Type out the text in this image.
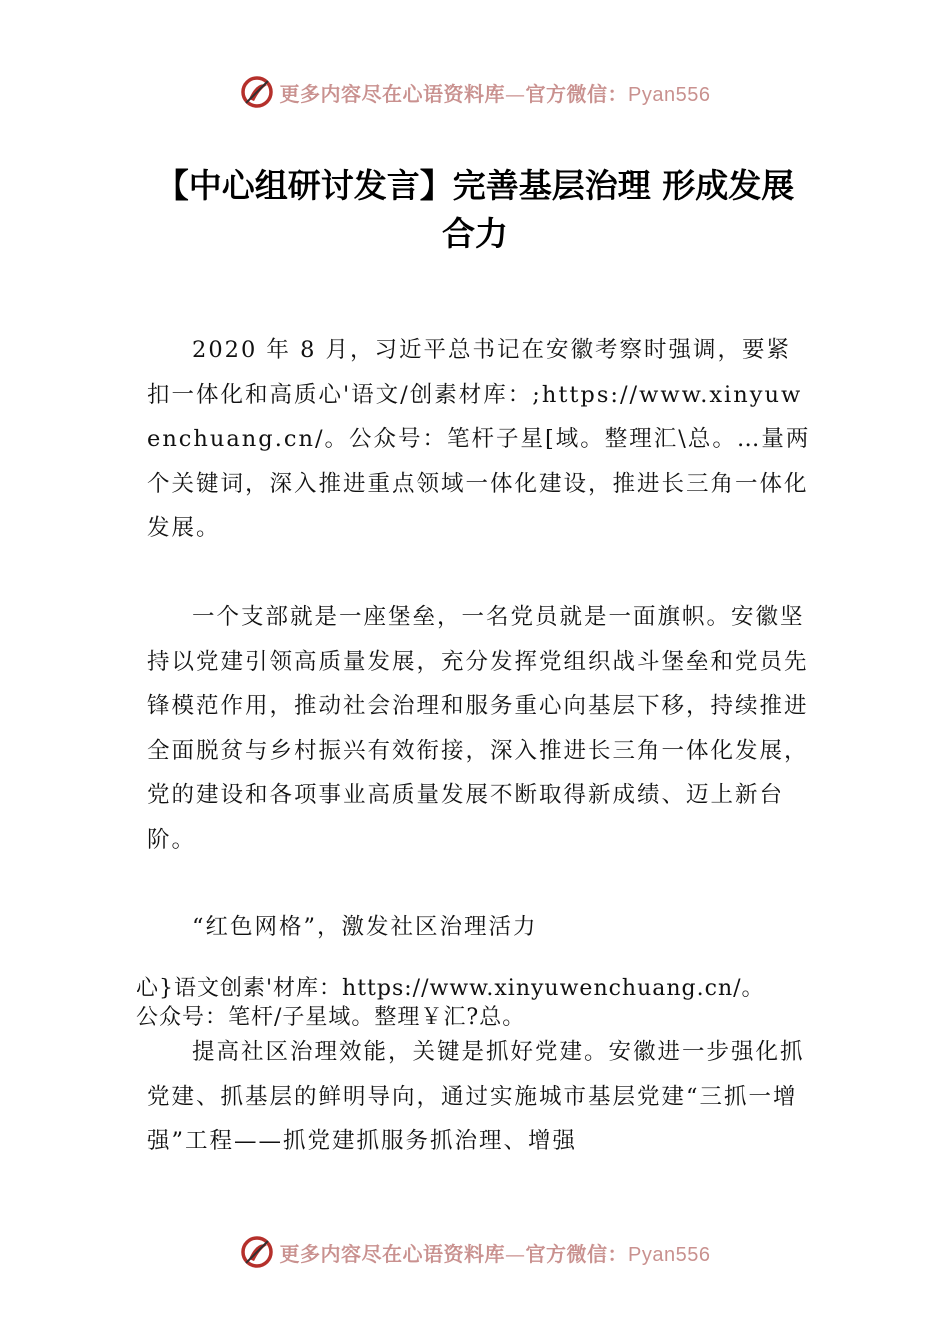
更多内容尽在心语资料库—官方微信：Pyan556
【中心组研讨发言】完善基层治理 形成发展合力

2020 年 8 月，习近平总书记在安徽考察时强调，要紧扣一体化和高质心'语文/创素材库：;https://www.xinyuwenchuang.cn/。公众号：笔杆子星[域。整理汇\总。…量两个关键词，深入推进重点领域一体化建设，推进长三角一体化发展。

一个支部就是一座堡垒，一名党员就是一面旗帜。安徽坚持以党建引领高质量发展，充分发挥党组织战斗堡垒和党员先锋模范作用，推动社会治理和服务重心向基层下移，持续推进全面脱贫与乡村振兴有效衔接，深入推进长三角一体化发展，党的建设和各项事业高质量发展不断取得新成绩、迈上新台阶。

“红色网格”，激发社区治理活力

心}语文创素'材库：https://www.xinyuwenchuang.cn/。
公众号：笔杆/子星域。整理￥汇?总。

提高社区治理效能，关键是抓好党建。安徽进一步强化抓党建、抓基层的鲜明导向，通过实施城市基层党建“三抓一增强”工程——抓党建抓服务抓治理、增强

更多内容尽在心语资料库—官方微信：Pyan556
